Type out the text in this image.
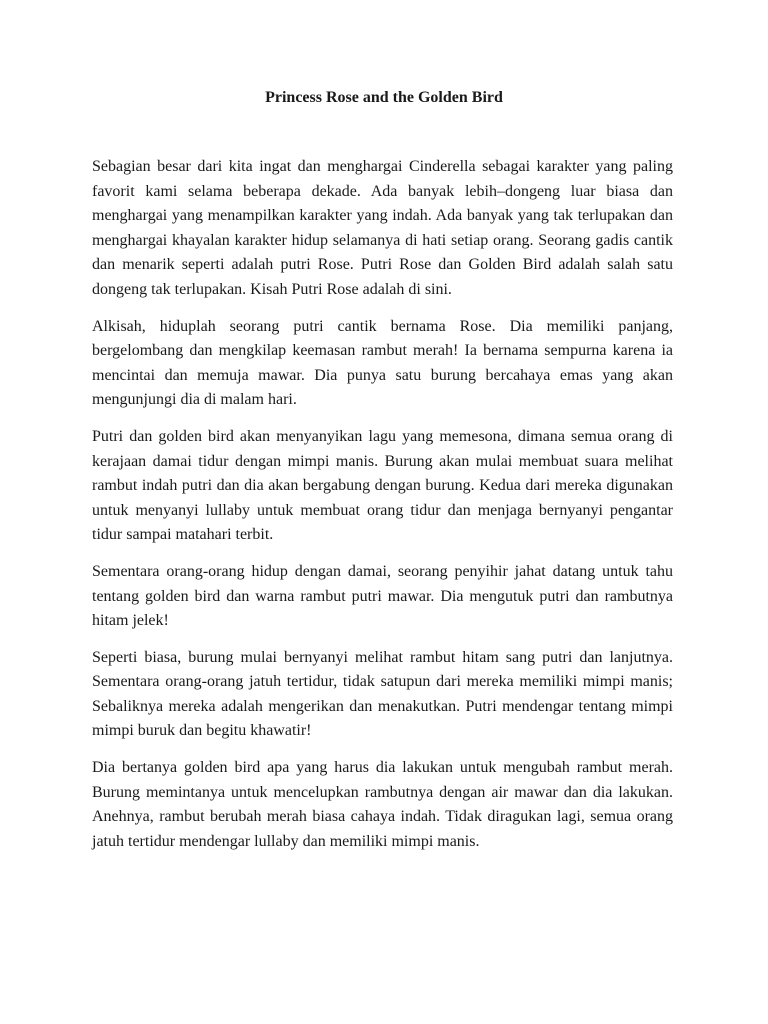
Princess Rose and the Golden Bird

Sebagian besar dari kita ingat dan menghargai Cinderella sebagai karakter yang paling favorit kami selama beberapa dekade. Ada banyak lebih–dongeng luar biasa dan menghargai yang menampilkan karakter yang indah. Ada banyak yang tak terlupakan dan menghargai khayalan karakter hidup selamanya di hati setiap orang. Seorang gadis cantik dan menarik seperti adalah putri Rose. Putri Rose dan Golden Bird adalah salah satu dongeng tak terlupakan. Kisah Putri Rose adalah di sini.

Alkisah, hiduplah seorang putri cantik bernama Rose. Dia memiliki panjang, bergelombang dan mengkilap keemasan rambut merah! Ia bernama sempurna karena ia mencintai dan memuja mawar. Dia punya satu burung bercahaya emas yang akan mengunjungi dia di malam hari.

Putri dan golden bird akan menyanyikan lagu yang memesona, dimana semua orang di kerajaan damai tidur dengan mimpi manis. Burung akan mulai membuat suara melihat rambut indah putri dan dia akan bergabung dengan burung. Kedua dari mereka digunakan untuk menyanyi lullaby untuk membuat orang tidur dan menjaga bernyanyi pengantar tidur sampai matahari terbit.

Sementara orang-orang hidup dengan damai, seorang penyihir jahat datang untuk tahu tentang golden bird dan warna rambut putri mawar. Dia mengutuk putri dan rambutnya hitam jelek!

Seperti biasa, burung mulai bernyanyi melihat rambut hitam sang putri dan lanjutnya. Sementara orang-orang jatuh tertidur, tidak satupun dari mereka memiliki mimpi manis; Sebaliknya mereka adalah mengerikan dan menakutkan. Putri mendengar tentang mimpi mimpi buruk dan begitu khawatir!

Dia bertanya golden bird apa yang harus dia lakukan untuk mengubah rambut merah. Burung memintanya untuk mencelupkan rambutnya dengan air mawar dan dia lakukan. Anehnya, rambut berubah merah biasa cahaya indah. Tidak diragukan lagi, semua orang jatuh tertidur mendengar lullaby dan memiliki mimpi manis.
